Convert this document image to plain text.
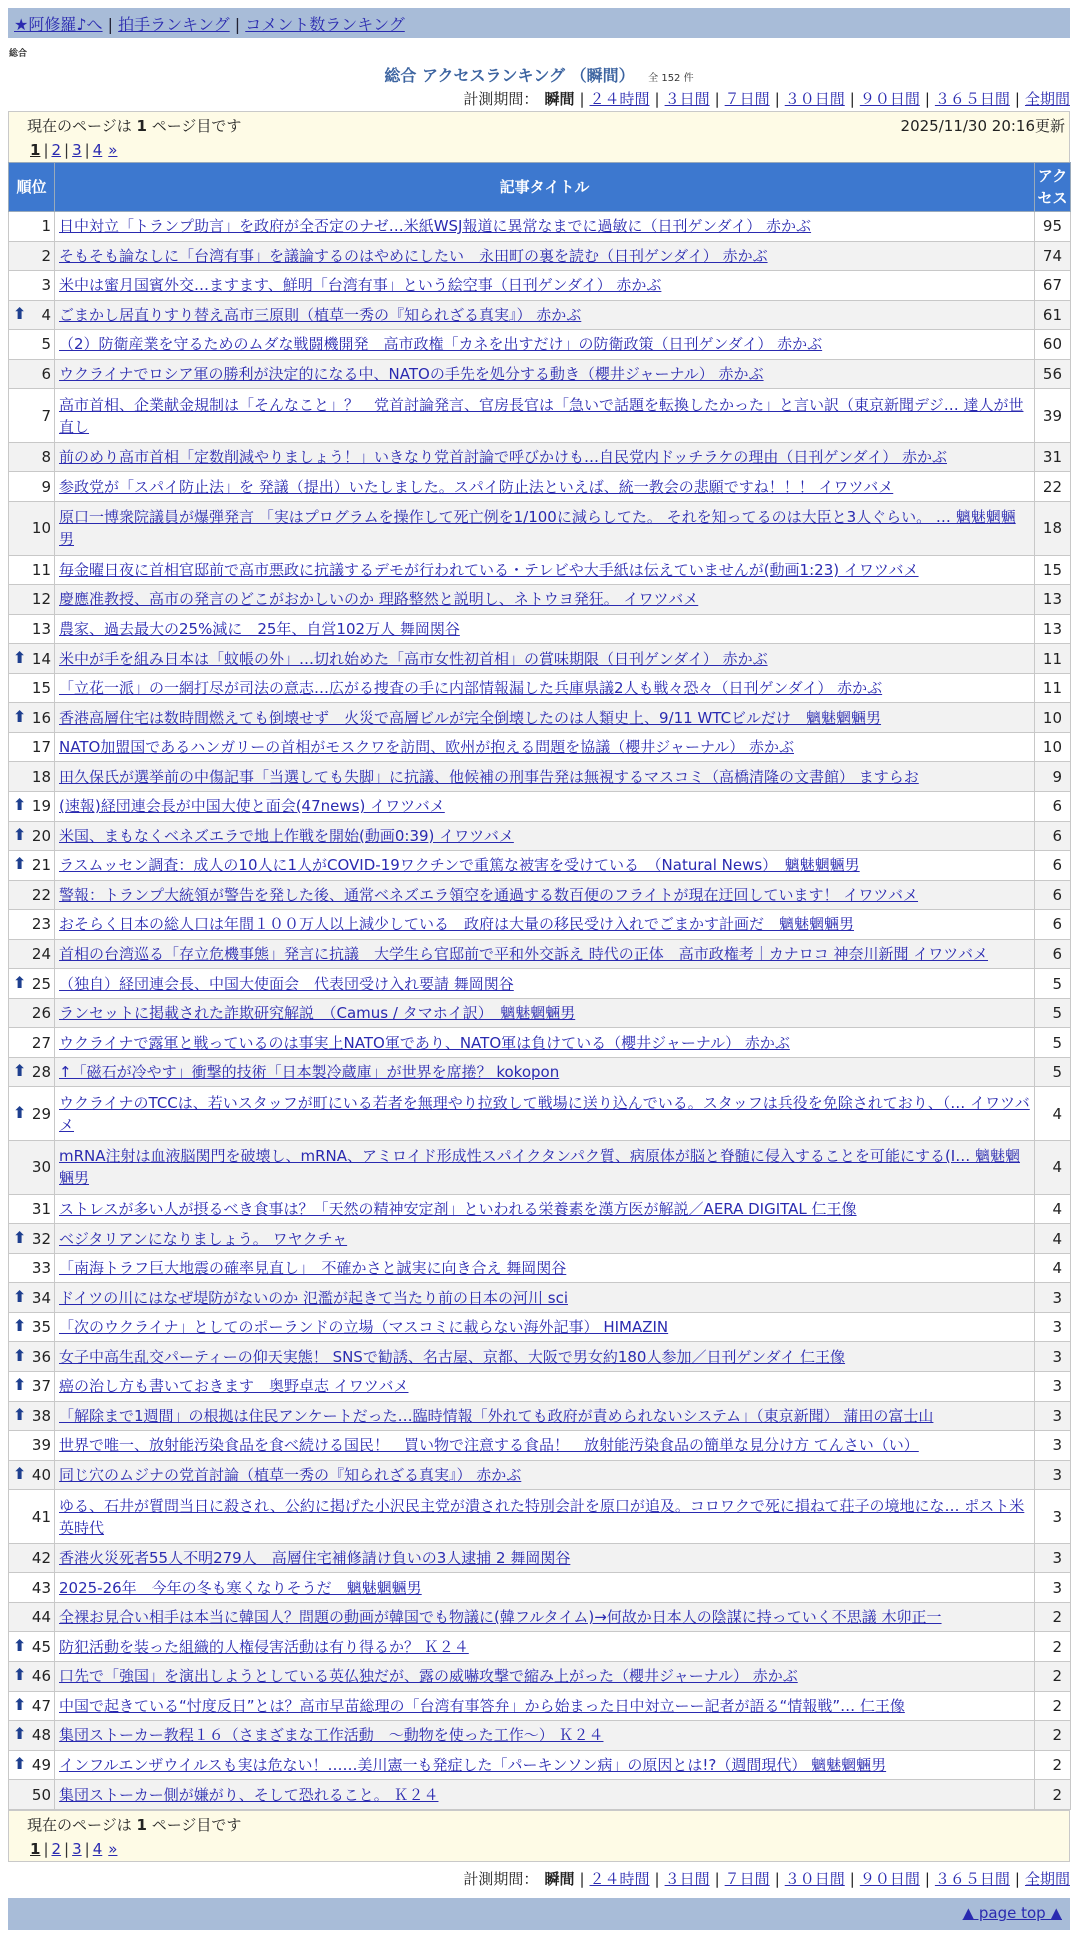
★阿修羅♪へ | 拍手ランキング | コメント数ランキング
総合
総合 アクセスランキング （瞬間） 全 152 件
計測期間： 瞬間 | ２４時間 | ３日間 | ７日間 | ３０日間 | ９０日間 | ３６５日間 | 全期間
現在のページは 1 ページ目です	2025/11/30 20:16更新
1 | 2 | 3 | 4 »
順位	記事タイトル	アクセス
1	日中対立「トランプ助言」を政府が全否定のナゼ…米紙WSJ報道に異常なまでに過敏に（日刊ゲンダイ） 赤かぶ	95
2	そもそも論なしに「台湾有事」を議論するのはやめにしたい　永田町の裏を読む（日刊ゲンダイ） 赤かぶ	74
3	米中は蜜月国賓外交…ますます、鮮明「台湾有事」という絵空事（日刊ゲンダイ） 赤かぶ	67

⬆ 4	ごまかし居直りすり替え高市三原則（植草一秀の『知られざる真実』） 赤かぶ	61
5	（2）防衛産業を守るためのムダな戦闘機開発　高市政権「カネを出すだけ」の防衛政策（日刊ゲンダイ） 赤かぶ	60
6	ウクライナでロシア軍の勝利が決定的になる中、NATOの手先を処分する動き（櫻井ジャーナル） 赤かぶ	56
7	高市首相、企業献金規制は「そんなこと」？　党首討論発言、官房長官は「急いで話題を転換したかった」と言い訳（東京新聞デジ… 達人が世直し	39
8	前のめり高市首相「定数削減やりましょう！」いきなり党首討論で呼びかけも…自民党内ドッチラケの理由（日刊ゲンダイ） 赤かぶ	31
9	参政党が「スパイ防止法」を 発議（提出）いたしました。スパイ防止法といえば、統一教会の悲願ですね！！！ イワツバメ	22
10	原口一博衆院議員が爆弾発言 「実はプログラムを操作して死亡例を1/100に減らしてた。 それを知ってるのは大臣と3人ぐらい。 … 魑魅魍魎男	18
11	毎金曜日夜に首相官邸前で高市悪政に抗議するデモが行われている・テレビや大手紙は伝えていませんが(動画1:23) イワツバメ	15
12	慶應准教授、高市の発言のどこがおかしいのか 理路整然と説明し、ネトウヨ発狂。 イワツバメ	13
13	農家、過去最大の25%減に　25年、自営102万人 舞岡関谷	13

⬆ 14	米中が手を組み日本は「蚊帳の外」…切れ始めた「高市女性初首相」の賞味期限（日刊ゲンダイ） 赤かぶ	11
15	「立花一派」の一網打尽が司法の意志…広がる捜査の手に内部情報漏した兵庫県議2人も戦々恐々（日刊ゲンダイ） 赤かぶ	11

⬆ 16	香港高層住宅は数時間燃えても倒壊せず　火災で高層ビルが完全倒壊したのは人類史上、9/11 WTCビルだけ　魑魅魍魎男	10
17	NATO加盟国であるハンガリーの首相がモスクワを訪問、欧州が抱える問題を協議（櫻井ジャーナル） 赤かぶ	10
18	田久保氏が選挙前の中傷記事「当選しても失脚」に抗議、他候補の刑事告発は無視するマスコミ（高橋清隆の文書館） ますらお	9

⬆ 19	(速報)経団連会長が中国大使と面会(47news) イワツバメ	6

⬆ 20	米国、まもなくベネズエラで地上作戦を開始(動画0:39) イワツバメ	6

⬆ 21	ラスムッセン調査：成人の10人に1人がCOVID-19ワクチンで重篤な被害を受けている　（Natural News）　魑魅魍魎男	6
22	警報：トランプ大統領が警告を発した後、通常ベネズエラ領空を通過する数百便のフライトが現在迂回しています！ イワツバメ	6
23	おそらく日本の総人口は年間１００万人以上減少している　政府は大量の移民受け入れでごまかす計画だ　魑魅魍魎男	6
24	首相の台湾巡る「存立危機事態」発言に抗議　大学生ら官邸前で平和外交訴え 時代の正体　高市政権考｜カナロコ 神奈川新聞 イワツバメ	6

⬆ 25	（独自）経団連会長、中国大使面会　代表団受け入れ要請 舞岡関谷	5
26	ランセットに掲載された詐欺研究解説　（Camus / タマホイ訳）　魑魅魍魎男	5
27	ウクライナで露軍と戦っているのは事実上NATO軍であり、NATO軍は負けている（櫻井ジャーナル） 赤かぶ	5

⬆ 28	↑「磁石が冷やす」衝撃的技術「日本製冷蔵庫」が世界を席捲？ kokopon	5

⬆ 29	ウクライナのTCCは、若いスタッフが町にいる若者を無理やり拉致して戦場に送り込んでいる。スタッフは兵役を免除されており、（… イワツバメ	4
30	mRNA注射は血液脳関門を破壊し、mRNA、アミロイド形成性スパイクタンパク質、病原体が脳と脊髄に侵入することを可能にする(I… 魑魅魍魎男	4
31	ストレスが多い人が摂るべき食事は？「天然の精神安定剤」といわれる栄養素を漢方医が解説／AERA DIGITAL 仁王像	4

⬆ 32	ベジタリアンになりましょう。 ワヤクチャ	4
33	「南海トラフ巨大地震の確率見直し」　不確かさと誠実に向き合え 舞岡関谷	4

⬆ 34	ドイツの川にはなぜ堤防がないのか 氾濫が起きて当たり前の日本の河川 sci	3

⬆ 35	「次のウクライナ」としてのポーランドの立場（マスコミに載らない海外記事） HIMAZIN	3

⬆ 36	女子中高生乱交パーティーの仰天実態！ SNSで勧誘、名古屋、京都、大阪で男女約180人参加／日刊ゲンダイ 仁王像	3

⬆ 37	癌の治し方も書いておきます　奥野卓志 イワツバメ	3

⬆ 38	「解除まで1週間」の根拠は住民アンケートだった…臨時情報「外れても政府が責められないシステム」（東京新聞） 蒲田の富士山	3
39	世界で唯一、放射能汚染食品を食べ続ける国民！　買い物で注意する食品！　放射能汚染食品の簡単な見分け方 てんさい（い）	3

⬆ 40	同じ穴のムジナの党首討論（植草一秀の『知られざる真実』） 赤かぶ	3
41	ゆる、石井が質問当日に殺され、公約に掲げた小沢民主党が潰された特別会計を原口が追及。コロワクで死に損ねて荘子の境地にな… ポスト米英時代	3
42	香港火災死者55人不明279人　高層住宅補修請け負いの3人逮捕 2 舞岡関谷	3
43	2025-26年　今年の冬も寒くなりそうだ　魑魅魍魎男	3
44	全裸お見合い相手は本当に韓国人？問題の動画が韓国でも物議に(韓フルタイム)→何故か日本人の陰謀に持っていく不思議 木卯正一	2

⬆ 45	防犯活動を装った組織的人権侵害活動は有り得るか？ Ｋ２４	2

⬆ 46	口先で「強国」を演出しようとしている英仏独だが、露の威嚇攻撃で縮み上がった（櫻井ジャーナル） 赤かぶ	2

⬆ 47	中国で起きている“忖度反日”とは？高市早苗総理の「台湾有事答弁」から始まった日中対立ーー記者が語る“情報戦”… 仁王像	2

⬆ 48	集団ストーカー教程１６（さまざまな工作活動　～動物を使った工作～） Ｋ２４	2

⬆ 49	インフルエンザウイルスも実は危ない！……美川憲一も発症した「パーキンソン病」の原因とは!?（週間現代） 魑魅魍魎男	2
50	集団ストーカー側が嫌がり、そして恐れること。 Ｋ２４	2
現在のページは 1 ページ目です
1 | 2 | 3 | 4 »
計測期間： 瞬間 | ２４時間 | ３日間 | ７日間 | ３０日間 | ９０日間 | ３６５日間 | 全期間
▲ page top ▲
